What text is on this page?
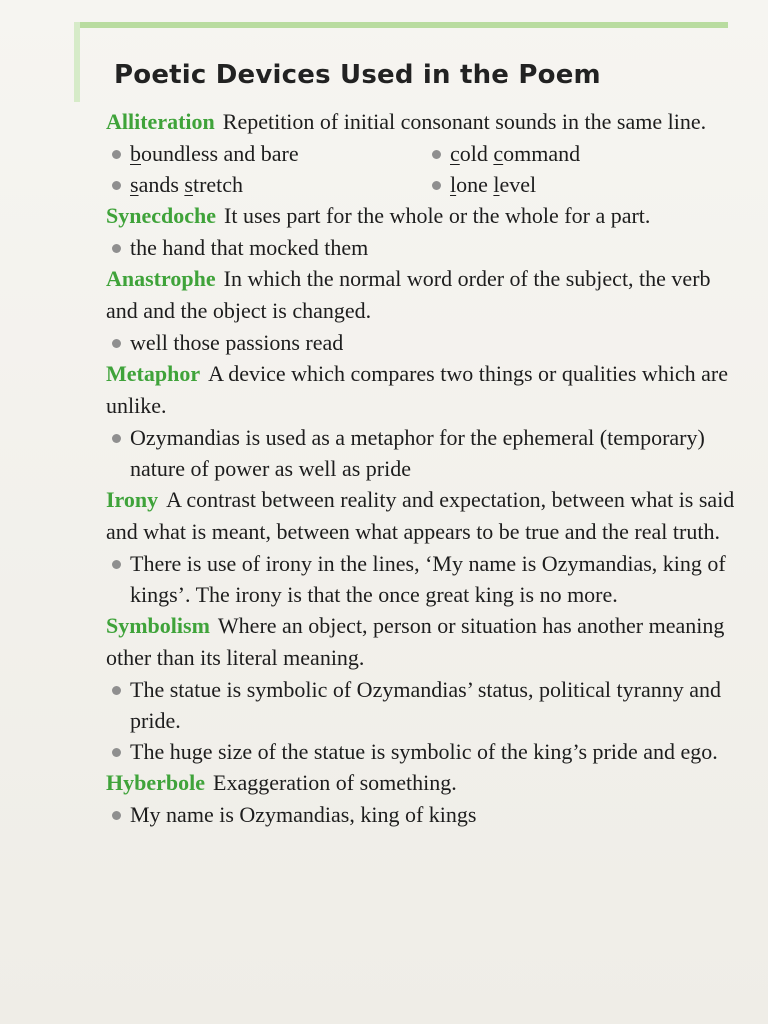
Poetic Devices Used in the Poem

Alliteration Repetition of initial consonant sounds in the same line.

boundless and bare	cold command
sands stretch	lone level

Synecdoche It uses part for the whole or the whole for a part.

the hand that mocked them

Anastrophe In which the normal word order of the subject, the verb and and the object is changed.

well those passions read

Metaphor A device which compares two things or qualities which are unlike.

Ozymandias is used as a metaphor for the ephemeral (temporary) nature of power as well as pride

Irony A contrast between reality and expectation, between what is said and what is meant, between what appears to be true and the real truth.

There is use of irony in the lines, ‘My name is Ozymandias, king of kings’. The irony is that the once great king is no more.

Symbolism Where an object, person or situation has another meaning other than its literal meaning.

The statue is symbolic of Ozymandias’ status, political tyranny and pride.
The huge size of the statue is symbolic of the king’s pride and ego.

Hyberbole Exaggeration of something.

My name is Ozymandias, king of kings
